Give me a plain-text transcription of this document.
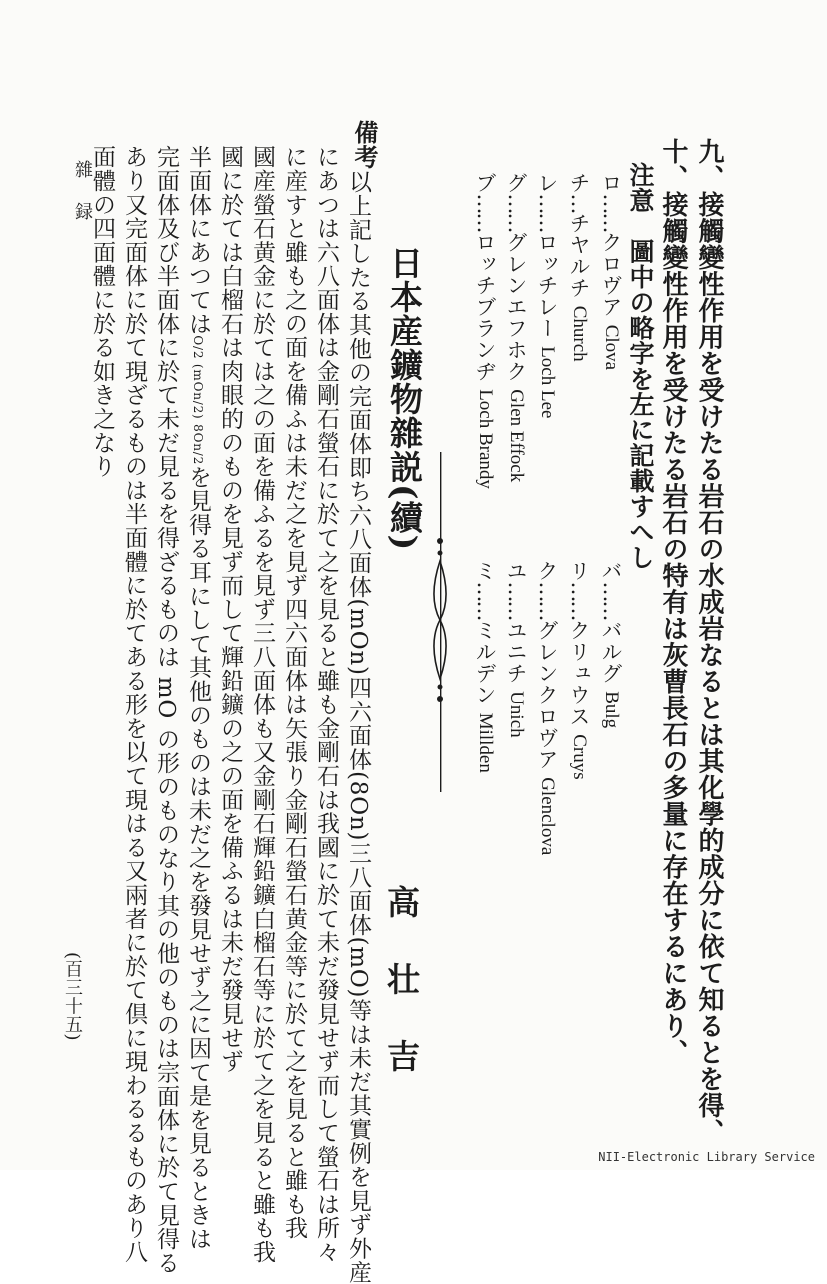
九、接觸變性作用を受けたる岩石の水成岩なるとは其化學的成分に依て知るとを得、
十、接觸變性作用を受けたる岩石の特有は灰曹長石の多量に存在するにあり、
注意　圖中の略字を左に記載すへし
ロ……クロヴア Clova
チ…チヤルチ Church
レ……ロッチレー Loch Lee
グ……グレンエフホク Glen Effock
ブ……ロッチブランヂ Loch Brandy
バ……バルグ Bulg
リ……クリュウス Cruys
ク……グレンクロヴア Glenclova
ユ……ユニチ Unich
ミ……ミルデン Millden
日本産鑛物雜説(續)
高壮吉
備考
以上記したる其他の完面体即ち六八面体(mOn)四六面体(8On)三八面体(mO)等は未だ其實例を見ず外産
にあつは六八面体は金剛石螢石に於て之を見ると雖も金剛石は我國に於て未だ發見せず而して螢石は所々
に産すと雖も之の面を備ふは未だ之を見ず四六面体は矢張り金剛石螢石黄金等に於て之を見ると雖も我
國産螢石黄金に於ては之の面を備ふるを見ず三八面体も又金剛石輝鉛鑛白榴石等に於て之を見ると雖も我
國に於ては白榴石は肉眼的のものを見ず而して輝鉛鑛の之の面を備ふるは未だ發見せず
半面体にあつてはO/2 (mOn/2) 8On/2を見得る耳にして其他のものは未だ之を發見せず之に因て是を見るときは
完面体及び半面体に於て未だ見るを得ざるものは mO の形のものなり其の他のものは宗面体に於て見得る
あり又完面体に於て現ざるものは半面體に於てある形を以て現はる又兩者に於て倶に現わるるものあり八
面體の四面體に於る如き之なり
雜録
(百三十五)
NII-Electronic Library Service
